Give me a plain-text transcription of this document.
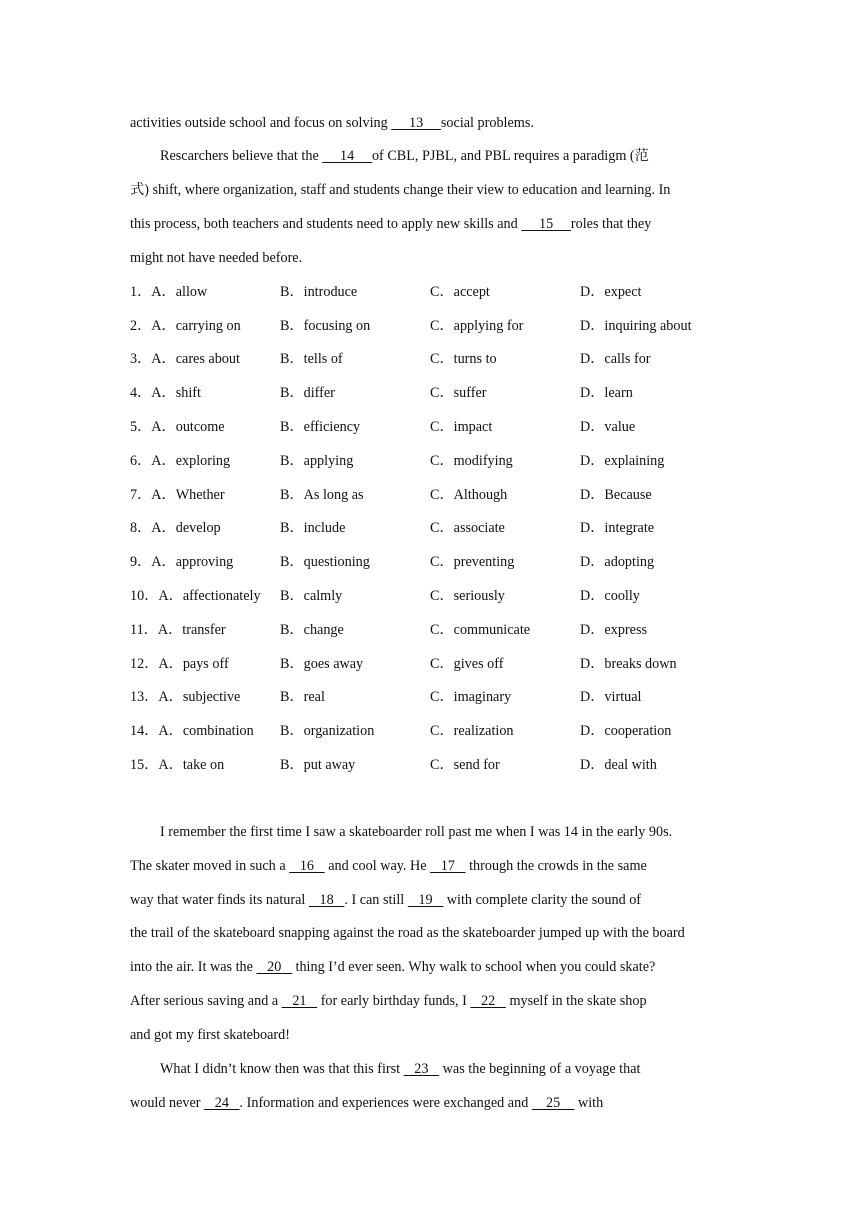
activities outside school and focus on solving      13     social problems.
Rescarchers believe that the      14     of CBL, PJBL, and PBL requires a paradigm (范
式) shift, where organization, staff and students change their view to education and learning. In
this process, both teachers and students need to apply new skills and      15     roles that they
might not have needed before.
1．A．allow	B．introduce	C．accept	D．expect
2．A．carrying on	B．focusing on	C．applying for	D．inquiring about
3．A．cares about	B．tells of	C．turns to	D．calls for
4．A．shift	B．differ	C．suffer	D．learn
5．A．outcome	B．efficiency	C．impact	D．value
6．A．exploring	B．applying	C．modifying	D．explaining
7．A．Whether	B．As long as	C．Although	D．Because
8．A．develop	B．include	C．associate	D．integrate
9．A．approving	B．questioning	C．preventing	D．adopting
10．A．affectionately B．calmly	C．seriously	D．coolly
11．A．transfer	B．change	C．communicate	D．express
12．A．pays off	B．goes away	C．gives off	D．breaks down
13．A．subjective	B．real	C．imaginary	D．virtual
14．A．combination B．organization	C．realization	D．cooperation
15．A．take on	B．put away	C．send for	D．deal with
I remember the first time I saw a skateboarder roll past me when I was 14 in the early 90s.
The skater moved in such a    16    and cool way. He    17    through the crowds in the same
way that water finds its natural    18   . I can still    19    with complete clarity the sound of
the trail of the skateboard snapping against the road as the skateboarder jumped up with the board
into the air. It was the    20    thing I’d ever seen. Why walk to school when you could skate?
After serious saving and a    21    for early birthday funds, I    22    myself in the skate shop
and got my first skateboard!
What I didn’t know then was that this first    23    was the beginning of a voyage that
would never    24   . Information and experiences were exchanged and     25     with
